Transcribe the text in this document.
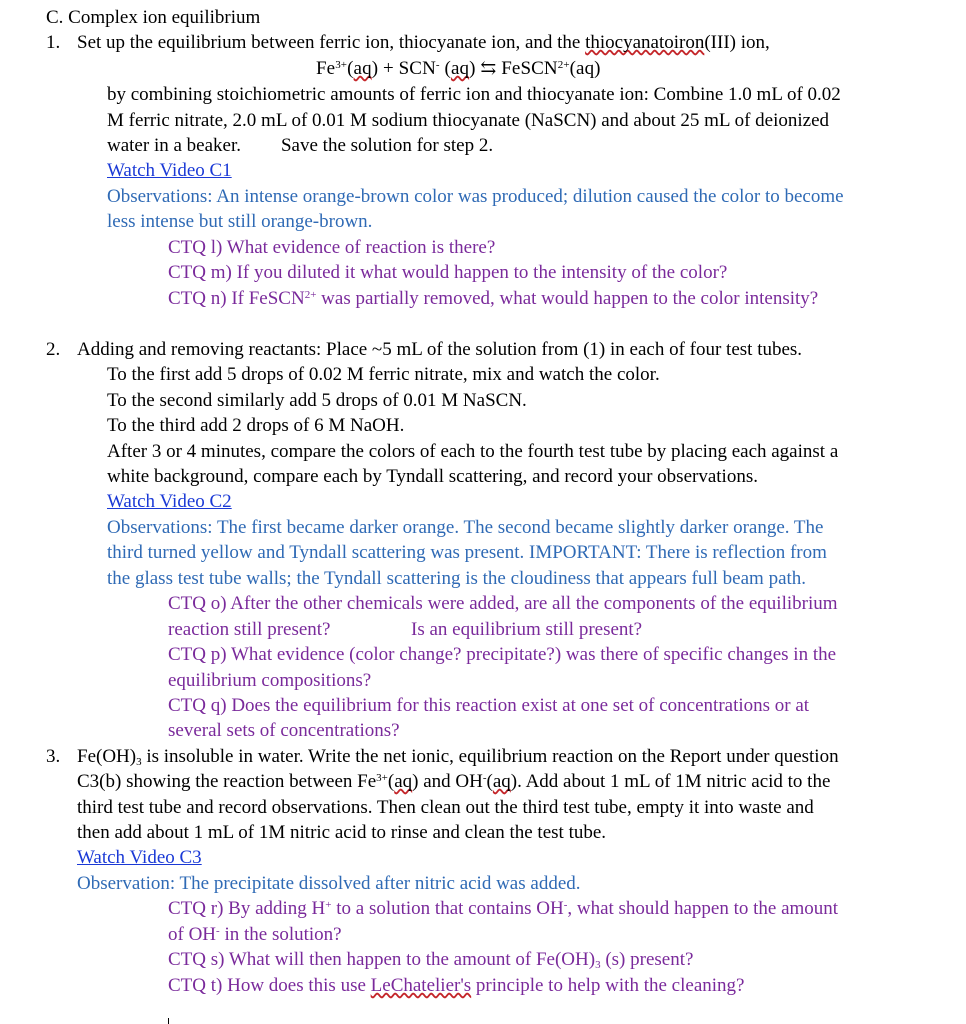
C. Complex ion equilibrium
1. Set up the equilibrium between ferric ion, thiocyanate ion, and the thiocyanatoiron(III) ion,
$Fe^{3+}(aq) + SCN^-$ (aq) ⇆ FeSCN$^{2+}$(aq)
by combining stoichiometric amounts of ferric ion and thiocyanate ion: Combine 1.0 mL of 0.02
M ferric nitrate, 2.0 mL of 0.01 M sodium thiocyanate (NaSCN) and about 25 mL of deionized
water in a beaker. Save the solution for step 2.
Watch Video C1
Observations: An intense orange-brown color was produced; dilution caused the color to become
less intense but still orange-brown.
CTQ l) What evidence of reaction is there?
CTQ m) If you diluted it what would happen to the intensity of the color?
CTQ n) If FeSCN$^{2+}$ was partially removed, what would happen to the color intensity?
2. Adding and removing reactants: Place ~5 mL of the solution from (1) in each of four test tubes.
To the first add 5 drops of 0.02 M ferric nitrate, mix and watch the color.
To the second similarly add 5 drops of 0.01 M NaSCN.
To the third add 2 drops of 6 M NaOH.
After 3 or 4 minutes, compare the colors of each to the fourth test tube by placing each against a
white background, compare each by Tyndall scattering, and record your observations.
Watch Video C2
Observations: The first became darker orange. The second became slightly darker orange. The
third turned yellow and Tyndall scattering was present. IMPORTANT: There is reflection from
the glass test tube walls; the Tyndall scattering is the cloudiness that appears full beam path.
CTQ o) After the other chemicals were added, are all the components of the equilibrium
reaction still present?	Is an equilibrium still present?
CTQ p) What evidence (color change? precipitate?) was there of specific changes in the
equilibrium compositions?
CTQ q) Does the equilibrium for this reaction exist at one set of concentrations or at
several sets of concentrations?
3. $Fe(OH)_3$ is insoluble in water. Write the net ionic, equilibrium reaction on the Report under question
C3(b) showing the reaction between $Fe^{3+}(aq)$ and OH-(aq). Add about 1 mL of 1M nitric acid to the
third test tube and record observations. Then clean out the third test tube, empty it into waste and
then add about 1 mL of 1M nitric acid to rinse and clean the test tube.
Watch Video C3
Observation: The precipitate dissolved after nitric acid was added.
CTQ r) By adding H+ to a solution that contains OH-, what should happen to the amount
of OH- in the solution?
CTQ s) What will then happen to the amount of $Fe(OH)_3$ (s) present?
CTQ t) How does this use LeChatelier's principle to help with the cleaning?
